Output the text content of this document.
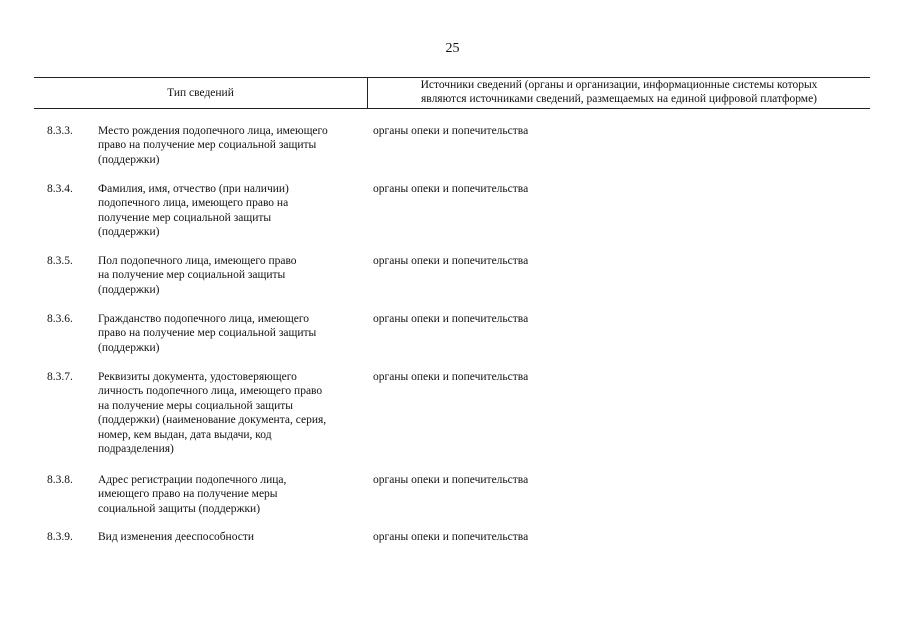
25
Тип сведений
Источники сведений (органы и организации, информационные системы которых
являются источниками сведений, размещаемых на единой цифровой платформе)
8.3.3. Место рождения подопечного лица, имеющего
право на получение мер социальной защиты
(поддержки)
органы опеки и попечительства
8.3.4. Фамилия, имя, отчество (при наличии)
подопечного лица, имеющего право на
получение мер социальной защиты
(поддержки)
органы опеки и попечительства
8.3.5. Пол подопечного лица, имеющего право
на получение мер социальной защиты
(поддержки)
органы опеки и попечительства
8.3.6. Гражданство подопечного лица, имеющего
право на получение мер социальной защиты
(поддержки)
органы опеки и попечительства
8.3.7. Реквизиты документа, удостоверяющего
личность подопечного лица, имеющего право
на получение меры социальной защиты
(поддержки) (наименование документа, серия,
номер, кем выдан, дата выдачи, код
подразделения)
органы опеки и попечительства
8.3.8. Адрес регистрации подопечного лица,
имеющего право на получение меры
социальной защиты (поддержки)
органы опеки и попечительства
8.3.9. Вид изменения дееспособности	органы опеки и попечительства
